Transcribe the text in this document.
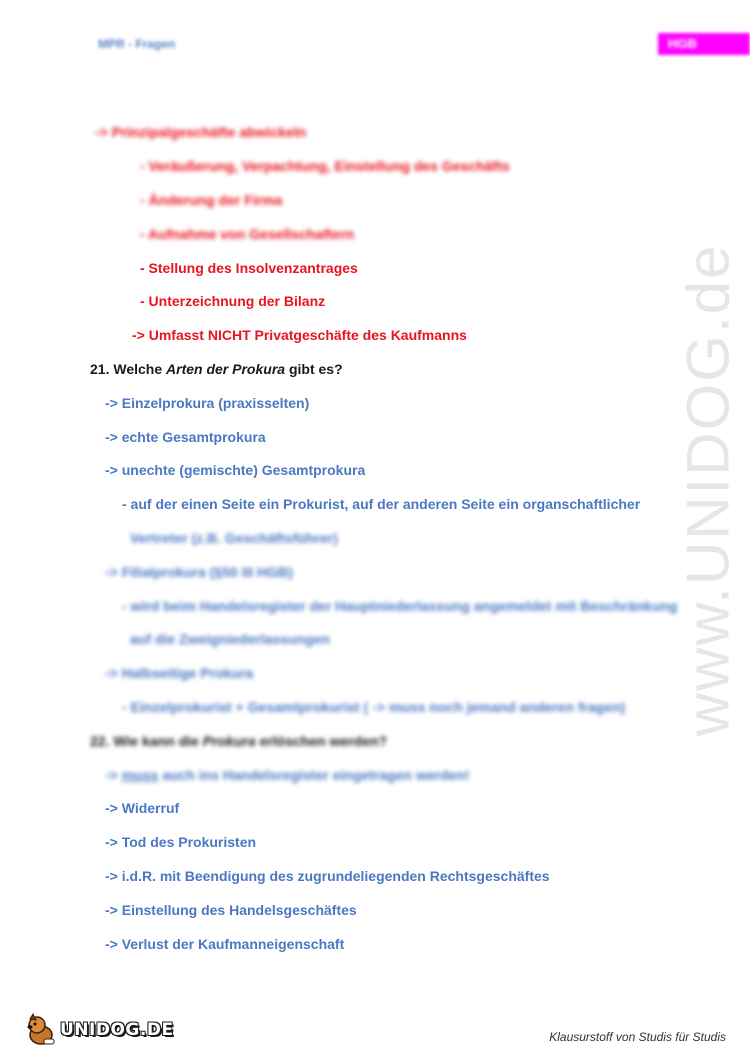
MPR - Fragen	HGB
www.UNIDOG.de
-> Prinzipalgeschäfte abwickeln
- Veräußerung, Verpachtung, Einstellung des Geschäfts
- Änderung der Firma
- Aufnahme von Gesellschaftern
- Stellung des Insolvenzantrages
- Unterzeichnung der Bilanz
-> Umfasst NICHT Privatgeschäfte des Kaufmanns
21. Welche Arten der Prokura gibt es?
-> Einzelprokura (praxisselten)
-> echte Gesamtprokura
-> unechte (gemischte) Gesamtprokura
- auf der einen Seite ein Prokurist, auf der anderen Seite ein organschaftlicher
Vertreter (z.B. Geschäftsführer)
-> Filialprokura (§50 III HGB)
- wird beim Handelsregister der Hauptniederlassung angemeldet mit Beschränkung
auf die Zweigniederlassungen
-> Halbseitige Prokura
- Einzelprokurist + Gesamtprokurist ( -> muss noch jemand anderen fragen)
22. Wie kann die Prokura erlöschen werden?
-> muss auch ins Handelsregister eingetragen werden!
-> Widerruf
-> Tod des Prokuristen
-> i.d.R. mit Beendigung des zugrundeliegenden Rechtsgeschäftes
-> Einstellung des Handelsgeschäftes
-> Verlust der Kaufmanneigenschaft
UNIDOG.DE	Klausurstoff von Studis für Studis
